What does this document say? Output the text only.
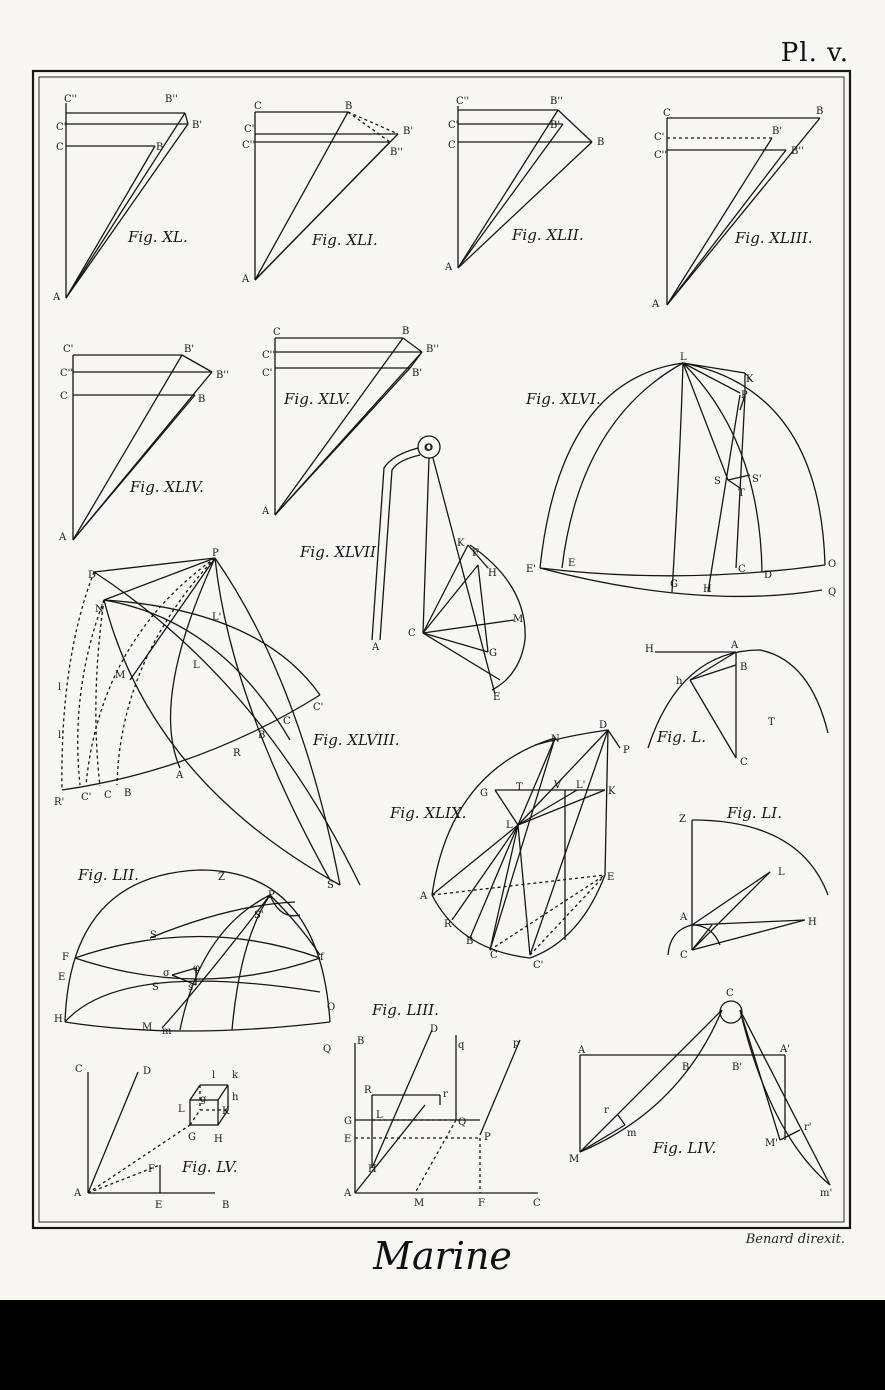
Pl. v.
C''	B''
C'	B'
C	B
A
Fig. XL.
C	B
C'	B'
C''
B''
A
Fig. XLI.
C''	B''
C'	B'
C	B
A
Fig. XLII.
C	B
C'
B'
C''	B''
A
Fig. XLIII.
C'	B'
C''	B''
C	B
A
Fig. XLIV.
C	B
C''
B''
C'	B'
A
Fig. XLV.
L
K
P
S	S'
T
E'
E
G	H
C
D
O
Q
Fig. XLVI.
O
K
F
H
M
G
E
C
A
Fig. XLVII
P
D
N
L'
L
M
l
l'
C'
C
B
R
A
R' C' C B
S
Fig. XLVIII.
H	A
B
h
T
C
Fig. L.
N
D
P
G
T	V L'
K
L
E
A
R
B
C
C'
Fig. XLIX.	Z
L
A	H
C
Fig. LI.
Z
P
S'
S
F	f
E	σ φ
S	s
H
M m
O
Q
Fig. LII.
C	D	l k
L
g
K
h
G H
F
A
E	B
Fig. LV.
B
D
q	p
R	r
G
L
Q
E	P
H
A
M	F	C
Fig. LIII.
C
A
B	B'
A'
r
m
M
M'
r'
m'
Fig. LIV.
Marine	Benard direxit.
